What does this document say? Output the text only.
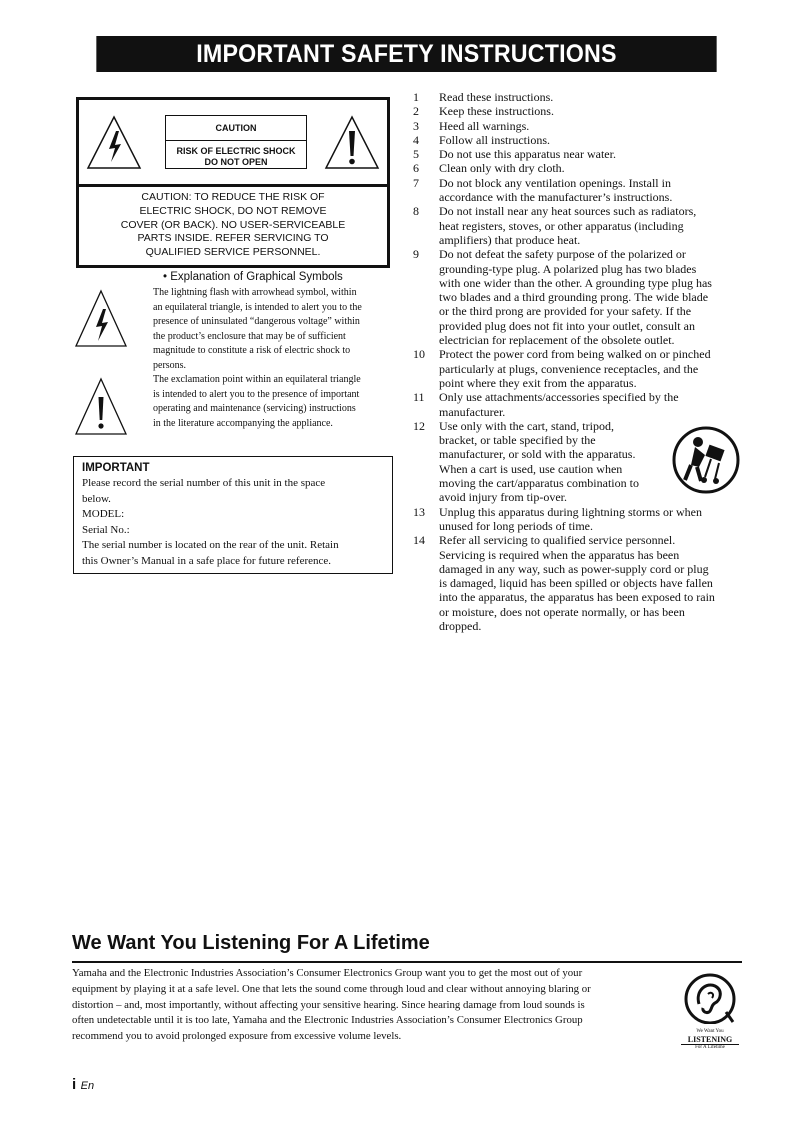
IMPORTANT SAFETY INSTRUCTIONS
CAUTION
RISK OF ELECTRIC SHOCK
DO NOT OPEN
CAUTION: TO REDUCE THE RISK OF
ELECTRIC SHOCK, DO NOT REMOVE
COVER (OR BACK). NO USER-SERVICEABLE
PARTS INSIDE. REFER SERVICING TO
QUALIFIED SERVICE PERSONNEL.
• Explanation of Graphical Symbols
The lightning flash with arrowhead symbol, within
an equilateral triangle, is intended to alert you to the
presence of uninsulated “dangerous voltage” within
the product’s enclosure that may be of sufficient
magnitude to constitute a risk of electric shock to
persons.
The exclamation point within an equilateral triangle
is intended to alert you to the presence of important
operating and maintenance (servicing) instructions
in the literature accompanying the appliance.
IMPORTANT
Please record the serial number of this unit in the space
below.
MODEL:
Serial No.:
The serial number is located on the rear of the unit. Retain
this Owner’s Manual in a safe place for future reference.
1	Read these instructions.
2	Keep these instructions.
3	Heed all warnings.
4	Follow all instructions.
5	Do not use this apparatus near water.
6	Clean only with dry cloth.
7	Do not block any ventilation openings. Install in
accordance with the manufacturer’s instructions.
8	Do not install near any heat sources such as radiators,
heat registers, stoves, or other apparatus (including
amplifiers) that produce heat.
9	Do not defeat the safety purpose of the polarized or
grounding-type plug. A polarized plug has two blades
with one wider than the other. A grounding type plug has
two blades and a third grounding prong. The wide blade
or the third prong are provided for your safety. If the
provided plug does not fit into your outlet, consult an
electrician for replacement of the obsolete outlet.
10	Protect the power cord from being walked on or pinched
particularly at plugs, convenience receptacles, and the
point where they exit from the apparatus.
11	Only use attachments/accessories specified by the
manufacturer.
12	Use only with the cart, stand, tripod,
bracket, or table specified by the
manufacturer, or sold with the apparatus.
When a cart is used, use caution when
moving the cart/apparatus combination to
avoid injury from tip-over.
13	Unplug this apparatus during lightning storms or when
unused for long periods of time.
14	Refer all servicing to qualified service personnel.
Servicing is required when the apparatus has been
damaged in any way, such as power-supply cord or plug
is damaged, liquid has been spilled or objects have fallen
into the apparatus, the apparatus has been exposed to rain
or moisture, does not operate normally, or has been
dropped.
We Want You Listening For A Lifetime
Yamaha and the Electronic Industries Association’s Consumer Electronics Group want you to get the most out of your
equipment by playing it at a safe level. One that lets the sound come through loud and clear without annoying blaring or
distortion – and, most importantly, without affecting your sensitive hearing. Since hearing damage from loud sounds is
often undetectable until it is too late, Yamaha and the Electronic Industries Association’s Consumer Electronics Group
recommend you to avoid prolonged exposure from excessive volume levels.	We Want You
LISTENING
For A Lifetime
i En
